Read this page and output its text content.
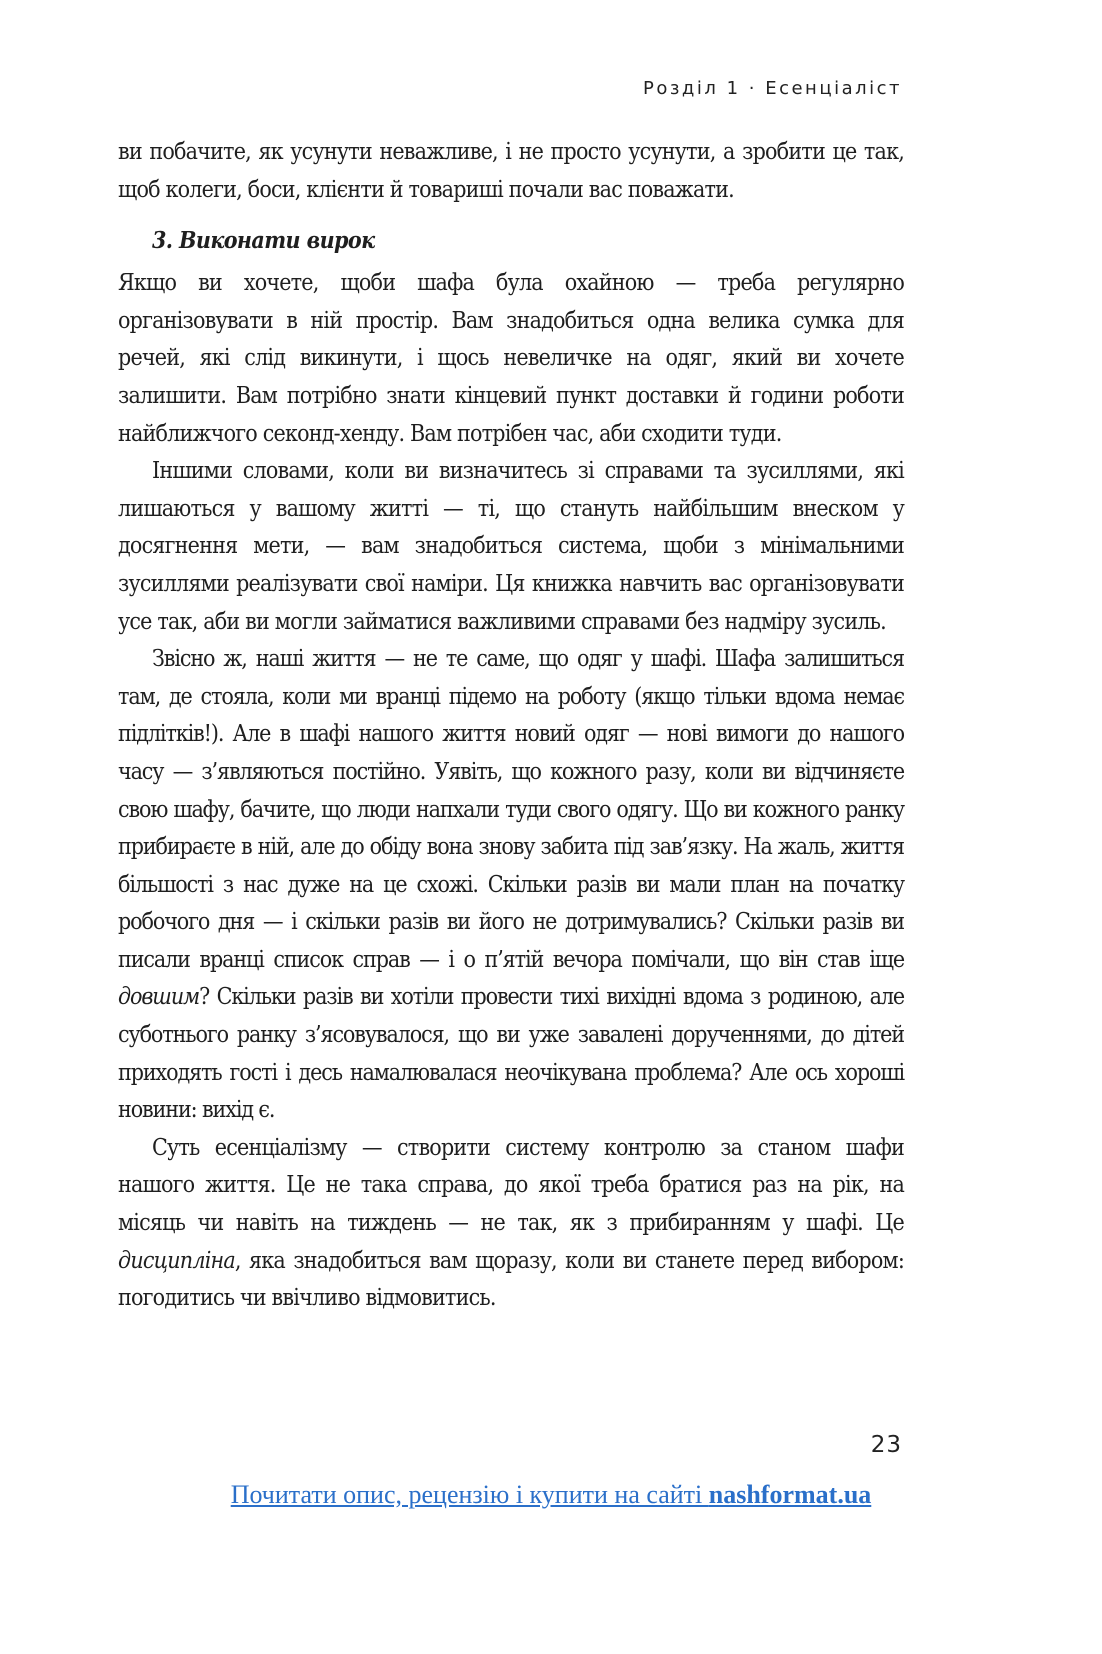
Розділ 1 · Есенціаліст

ви побачите, як усунути неважливе, і не просто усунути, а зробити це так, щоб колеги, боси, клієнти й товариші почали вас поважати.

3. Виконати вирок

Якщо ви хочете, щоби шафа була охайною — треба регулярно організовувати в ній простір. Вам знадобиться одна велика сумка для речей, які слід викинути, і щось невеличке на одяг, який ви хочете залишити. Вам потрібно знати кінцевий пункт доставки й години роботи найближчого секонд-хенду. Вам потрібен час, аби сходити туди.

Іншими словами, коли ви визначитесь зі справами та зусиллями, які лишаються у вашому житті — ті, що стануть найбільшим внеском у досягнення мети, — вам знадобиться система, щоби з мінімальними зусиллями реалізувати свої наміри. Ця книжка навчить вас організовувати усе так, аби ви могли займатися важливими справами без надміру зусиль.

Звісно ж, наші життя — не те саме, що одяг у шафі. Шафа залишиться там, де стояла, коли ми вранці підемо на роботу (якщо тільки вдома немає підлітків!). Але в шафі нашого життя новий одяг — нові вимоги до нашого часу — з’являються постійно. Уявіть, що кожного разу, коли ви відчиняєте свою шафу, бачите, що люди напхали туди свого одягу. Що ви кожного ранку прибираєте в ній, але до обіду вона знову забита під зав’язку. На жаль, життя більшості з нас дуже на це схожі. Скільки разів ви мали план на початку робочого дня — і скільки разів ви його не дотримувались? Скільки разів ви писали вранці список справ — і о п’ятій вечора помічали, що він став іще довшим? Скільки разів ви хотіли провести тихі вихідні вдома з родиною, але суботнього ранку з’ясовувалося, що ви уже завалені дорученнями, до дітей приходять гості і десь намалювалася неочікувана проблема? Але ось хороші новини: вихід є.

Суть есенціалізму — створити систему контролю за станом шафи нашого життя. Це не така справа, до якої треба братися раз на рік, на місяць чи навіть на тиждень — не так, як з прибиранням у шафі. Це дисципліна, яка знадобиться вам щоразу, коли ви станете перед вибором: погодитись чи ввічливо відмовитись.

23
Почитати опис, рецензію і купити на сайті nashformat.ua
